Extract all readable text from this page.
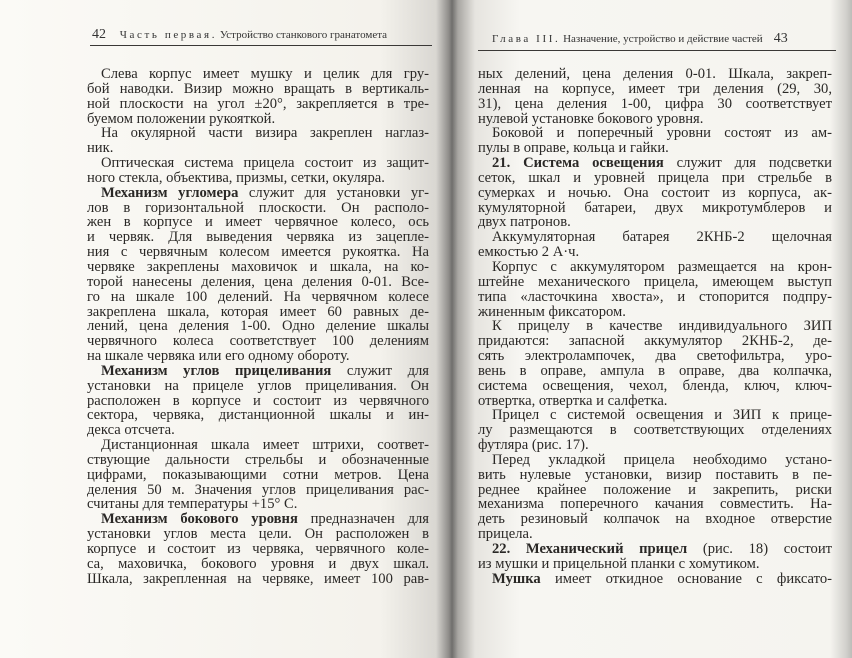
42 Часть первая. Устройство станкового гранатомета
Слева корпус имеет мушку и целик для гру-
бой наводки. Визир можно вращать в вертикаль-
ной плоскости на угол ±20°, закрепляется в тре-
буемом положении рукояткой.
На окулярной части визира закреплен наглаз-
ник.
Оптическая система прицела состоит из защит-
ного стекла, объектива, призмы, сетки, окуляра.
Механизм угломера служит для установки уг-
лов в горизонтальной плоскости. Он располо-
жен в корпусе и имеет червячное колесо, ось
и червяк. Для выведения червяка из зацепле-
ния с червячным колесом имеется рукоятка. На
червяке закреплены маховичок и шкала, на ко-
торой нанесены деления, цена деления 0-01. Все-
го на шкале 100 делений. На червячном колесе
закреплена шкала, которая имеет 60 равных де-
лений, цена деления 1-00. Одно деление шкалы
червячного колеса соответствует 100 делениям
на шкале червяка или его одному обороту.
Механизм углов прицеливания служит для
установки на прицеле углов прицеливания. Он
расположен в корпусе и состоит из червячного
сектора, червяка, дистанционной шкалы и ин-
декса отсчета.
Дистанционная шкала имеет штрихи, соответ-
ствующие дальности стрельбы и обозначенные
цифрами, показывающими сотни метров. Цена
деления 50 м. Значения углов прицеливания рас-
считаны для температуры +15° С.
Механизм бокового уровня предназначен для
установки углов места цели. Он расположен в
корпусе и состоит из червяка, червячного коле-
са, маховичка, бокового уровня и двух шкал.
Шкала, закрепленная на червяке, имеет 100 рав-
Глава III. Назначение, устройство и действие частей 43
ных делений, цена деления 0-01. Шкала, закреп-
ленная на корпусе, имеет три деления (29, 30,
31), цена деления 1-00, цифра 30 соответствует
нулевой установке бокового уровня.
Боковой и поперечный уровни состоят из ам-
пулы в оправе, кольца и гайки.
21. Система освещения служит для подсветки
сеток, шкал и уровней прицела при стрельбе в
сумерках и ночью. Она состоит из корпуса, ак-
кумуляторной батареи, двух микротумблеров и
двух патронов.
Аккумуляторная батарея 2КНБ-2 щелочная
емкостью 2 А·ч.
Корпус с аккумулятором размещается на крон-
штейне механического прицела, имеющем выступ
типа «ласточкина хвоста», и стопорится подпру-
жиненным фиксатором.
К прицелу в качестве индивидуального ЗИП
придаются: запасной аккумулятор 2КНБ-2, де-
сять электролампочек, два светофильтра, уро-
вень в оправе, ампула в оправе, два колпачка,
система освещения, чехол, бленда, ключ, ключ-
отвертка, отвертка и салфетка.
Прицел с системой освещения и ЗИП к прице-
лу размещаются в соответствующих отделениях
футляра (рис. 17).
Перед укладкой прицела необходимо устано-
вить нулевые установки, визир поставить в пе-
реднее крайнее положение и закрепить, риски
механизма поперечного качания совместить. На-
деть резиновый колпачок на входное отверстие
прицела.
22. Механический прицел (рис. 18) состоит
из мушки и прицельной планки с хомутиком.
Мушка имеет откидное основание с фиксато-
